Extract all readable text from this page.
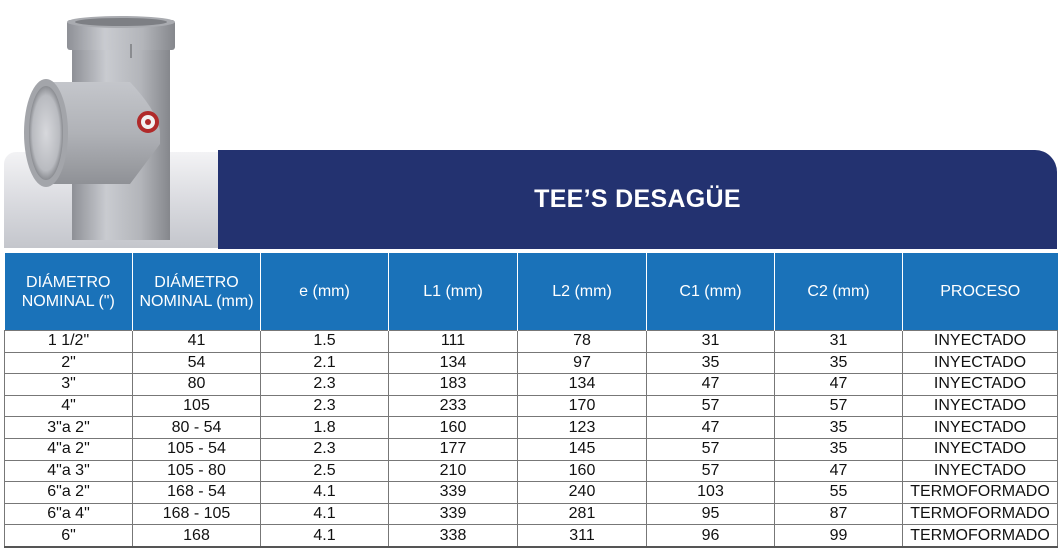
TEE’S DESAGÜE
DIÁMETRO NOMINAL (")	DIÁMETRO NOMINAL (mm)	e (mm)	L1 (mm)	L2 (mm)	C1 (mm)	C2 (mm)	PROCESO
1 1/2"	41	1.5	111	78	31	31	INYECTADO
2"	54	2.1	134	97	35	35	INYECTADO
3"	80	2.3	183	134	47	47	INYECTADO
4"	105	2.3	233	170	57	57	INYECTADO
3"a 2"	80 - 54	1.8	160	123	47	35	INYECTADO
4"a 2"	105 - 54	2.3	177	145	57	35	INYECTADO
4"a 3"	105 - 80	2.5	210	160	57	47	INYECTADO
6"a 2"	168 - 54	4.1	339	240	103	55	TERMOFORMADO
6"a 4"	168 - 105	4.1	339	281	95	87	TERMOFORMADO
6"	168	4.1	338	311	96	99	TERMOFORMADO
